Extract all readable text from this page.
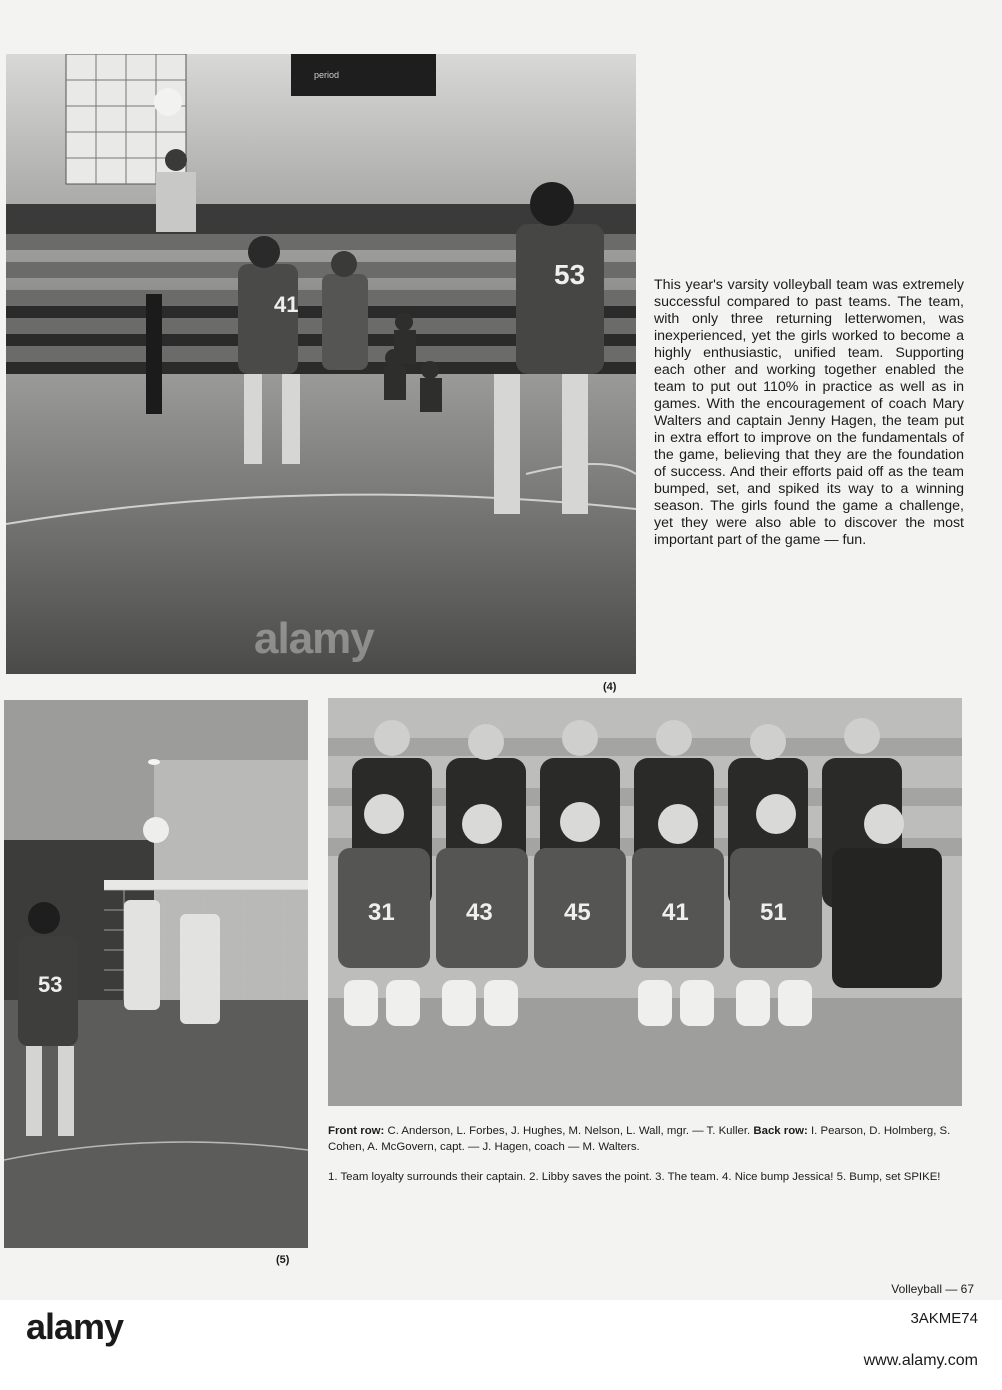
41
53
period
alamy
(4)
This year's varsity volleyball team was extremely successful compared to past teams. The team, with only three returning letterwomen, was inexperienced, yet the girls worked to become a highly enthusiastic, unified team. Supporting each other and working together enabled the team to put out 110% in practice as well as in games. With the encouragement of coach Mary Walters and captain Jenny Hagen, the team put in extra effort to improve on the fundamentals of the game, believing that they are the foundation of success. And their efforts paid off as the team bumped, set, and spiked its way to a winning season. The girls found the game a challenge, yet they were also able to discover the most important part of the game — fun.
53
(5)
31	43	45	41	51
Front row: C. Anderson, L. Forbes, J. Hughes, M. Nelson, L. Wall, mgr. — T. Kuller. Back row: I. Pearson, D. Holmberg, S. Cohen, A. McGovern, capt. — J. Hagen, coach — M. Walters.
1. Team loyalty surrounds their captain. 2. Libby saves the point. 3. The team. 4. Nice bump Jessica! 5. Bump, set SPIKE!
Volleyball — 67
alamy	3AKME74
www.alamy.com
